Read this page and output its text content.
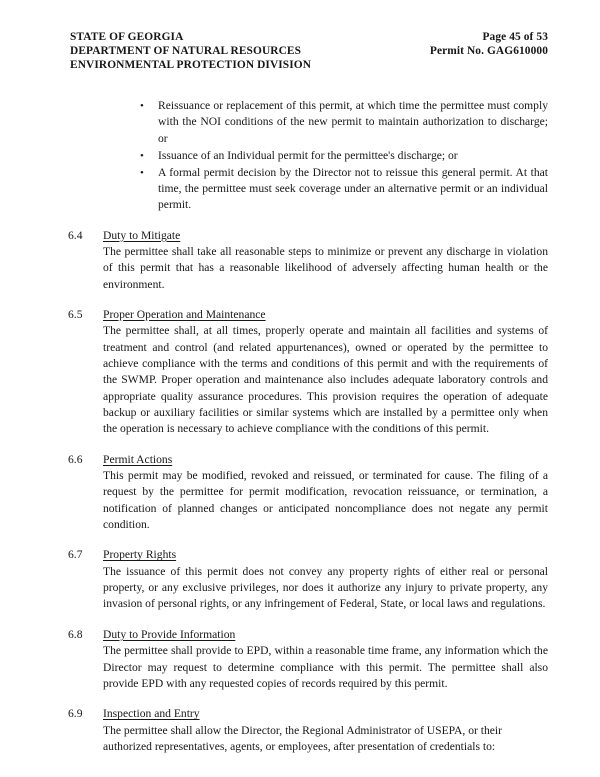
STATE OF GEORGIA
DEPARTMENT OF NATURAL RESOURCES
ENVIRONMENTAL PROTECTION DIVISION
Page 45 of 53
Permit No. GAG610000
• Reissuance or replacement of this permit, at which time the permittee must comply with the NOI conditions of the new permit to maintain authorization to discharge; or
• Issuance of an Individual permit for the permittee's discharge; or
• A formal permit decision by the Director not to reissue this general permit. At that time, the permittee must seek coverage under an alternative permit or an individual permit.
6.4	Duty to Mitigate
The permittee shall take all reasonable steps to minimize or prevent any discharge in violation of this permit that has a reasonable likelihood of adversely affecting human health or the environment.
6.5	Proper Operation and Maintenance
The permittee shall, at all times, properly operate and maintain all facilities and systems of treatment and control (and related appurtenances), owned or operated by the permittee to achieve compliance with the terms and conditions of this permit and with the requirements of the SWMP. Proper operation and maintenance also includes adequate laboratory controls and appropriate quality assurance procedures. This provision requires the operation of adequate backup or auxiliary facilities or similar systems which are installed by a permittee only when the operation is necessary to achieve compliance with the conditions of this permit.
6.6	Permit Actions
This permit may be modified, revoked and reissued, or terminated for cause. The filing of a request by the permittee for permit modification, revocation reissuance, or termination, a notification of planned changes or anticipated noncompliance does not negate any permit condition.
6.7	Property Rights
The issuance of this permit does not convey any property rights of either real or personal property, or any exclusive privileges, nor does it authorize any injury to private property, any invasion of personal rights, or any infringement of Federal, State, or local laws and regulations.
6.8	Duty to Provide Information
The permittee shall provide to EPD, within a reasonable time frame, any information which the Director may request to determine compliance with this permit. The permittee shall also provide EPD with any requested copies of records required by this permit.
6.9	Inspection and Entry
The permittee shall allow the Director, the Regional Administrator of USEPA, or their authorized representatives, agents, or employees, after presentation of credentials to:
